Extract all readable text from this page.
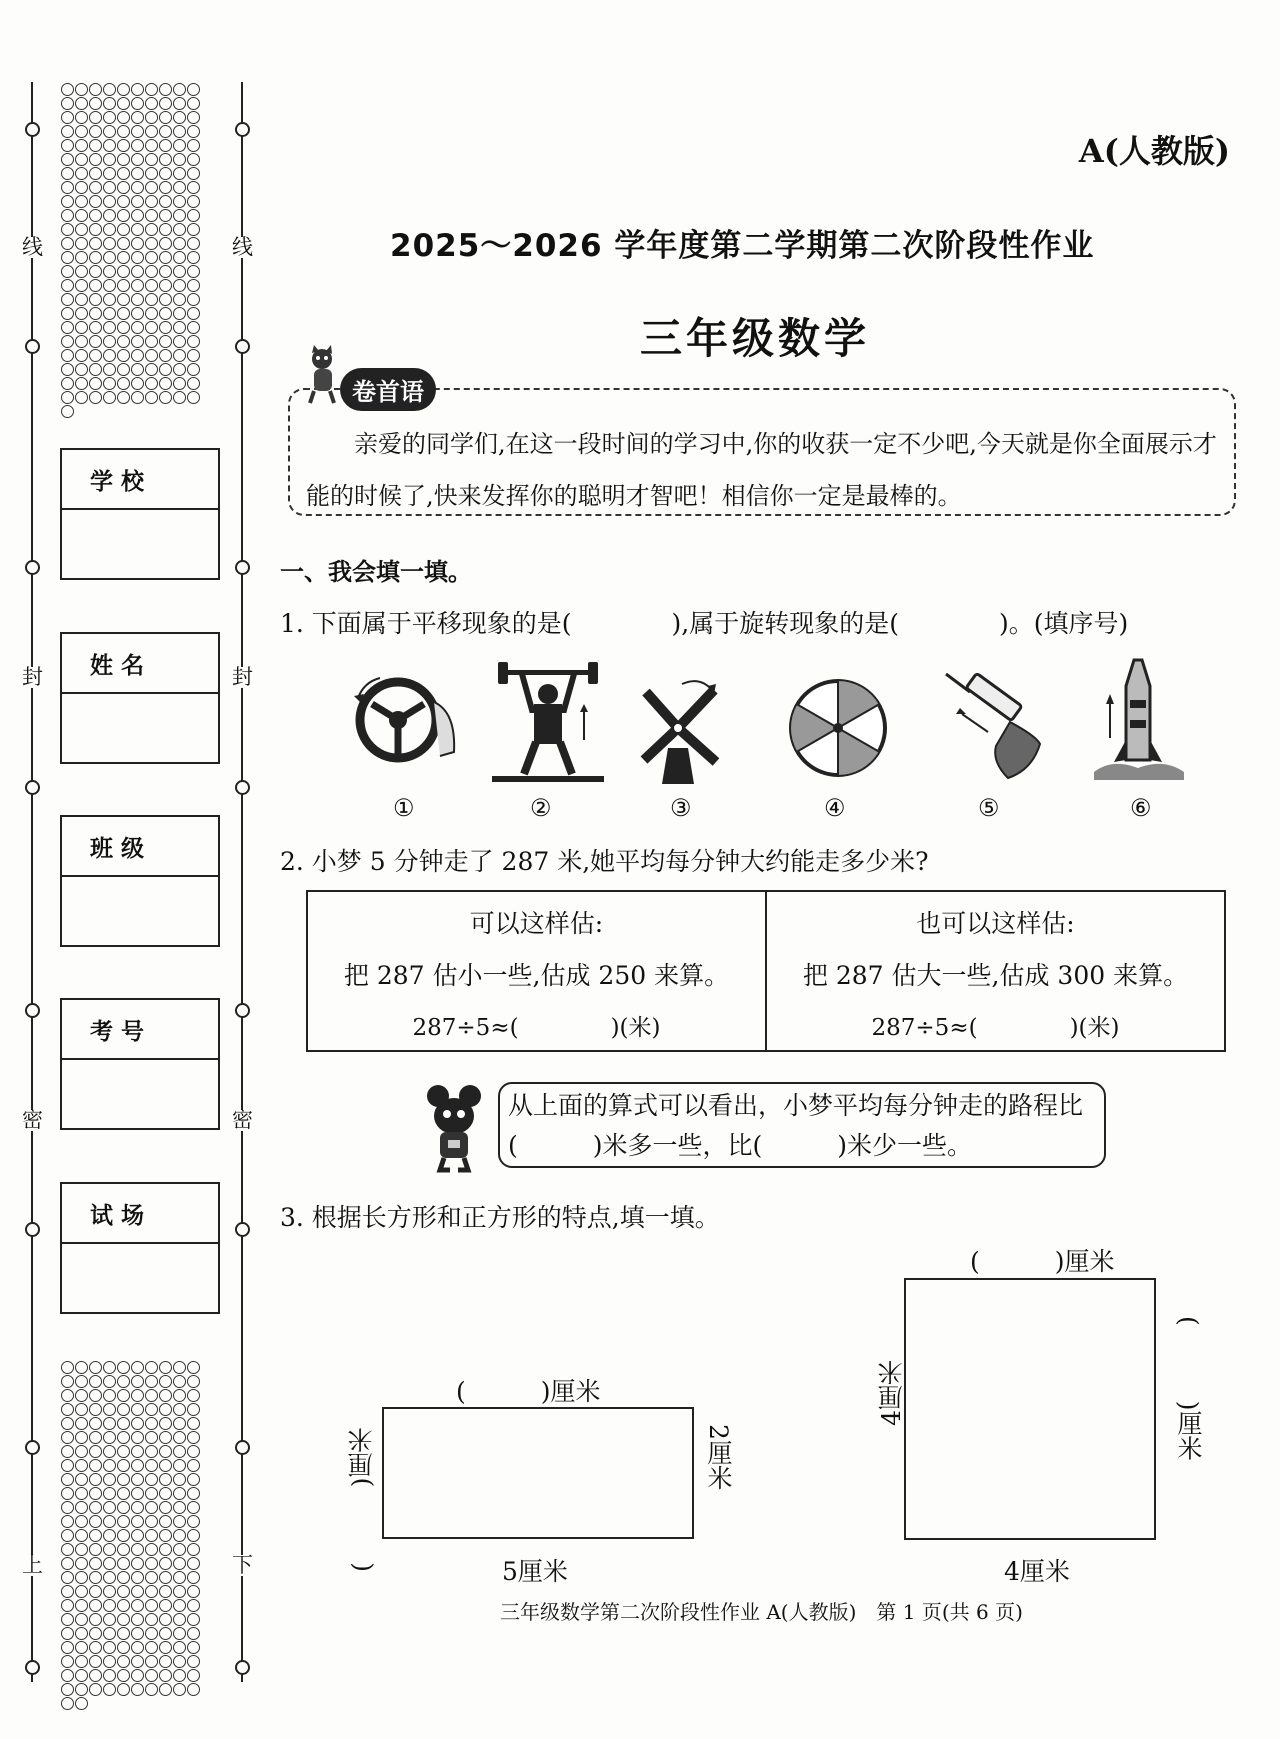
线
封
密
上
线
封
密
下
学 校
姓 名
班 级
考 号
试 场
A(人教版)
2025～2026 学年度第二学期第二次阶段性作业
三年级数学
卷首语
亲爱的同学们,在这一段时间的学习中,你的收获一定不少吧,今天就是你全面展示才能的时候了,快来发挥你的聪明才智吧！相信你一定是最棒的。
一、我会填一填。
1. 下面属于平移现象的是(　　　　),属于旋转现象的是(　　　　)。(填序号)
①	②	③	④	⑤	⑥
2. 小梦 5 分钟走了 287 米,她平均每分钟大约能走多少米?
可以这样估:
把 287 估小一些,估成 250 来算。
287÷5≈(　　　　)(米)
也可以这样估:
把 287 估大一些,估成 300 来算。
287÷5≈(　　　　)(米)
从上面的算式可以看出，小梦平均每分钟走的路程比
(　　　)米多一些，比(　　　)米少一些。
3. 根据长方形和正方形的特点,填一填。
(　　　)厘米
(　　　)厘米	2厘米
5厘米
(　　　)厘米
4厘米	(　　　)厘米
4厘米
三年级数学第二次阶段性作业 A(人教版)　第 1 页(共 6 页)
